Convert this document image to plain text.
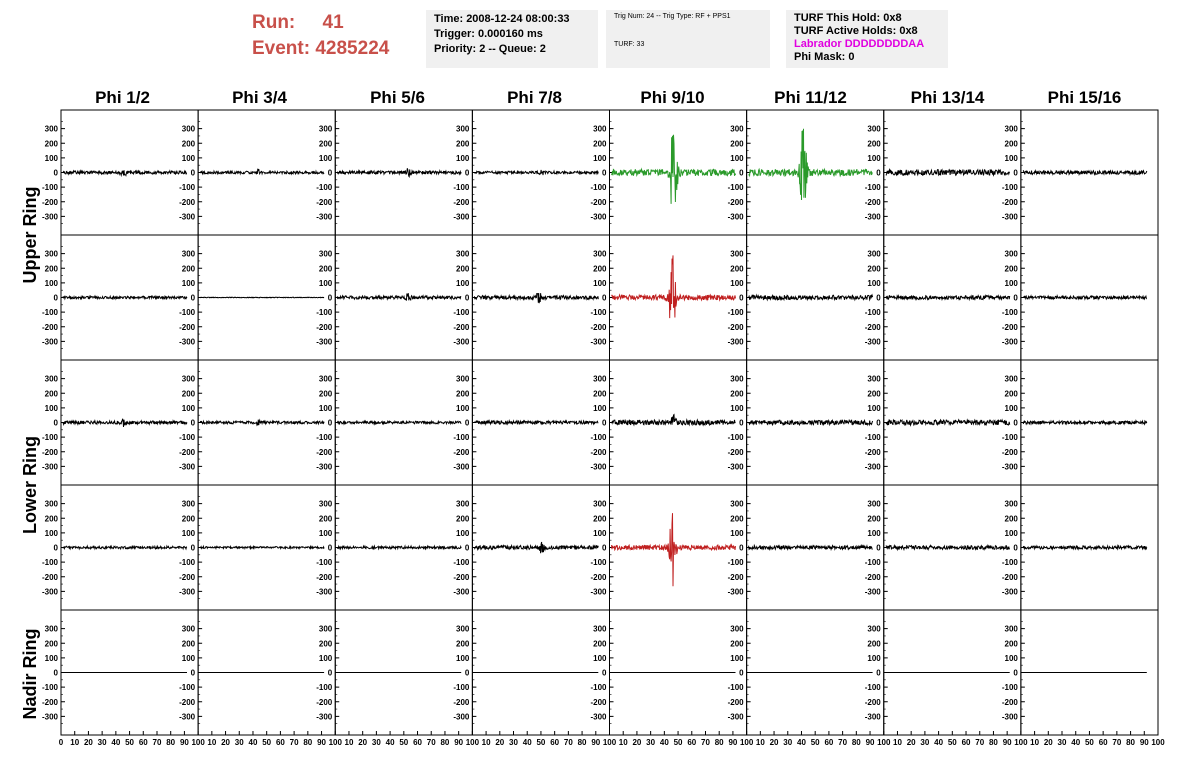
Run: 41
Event: 4285224
Time: 2008-12-24 08:00:33
Trigger: 0.000160 ms
Priority: 2 -- Queue: 2
Trig Num: 24 -- Trig Type: RF + PPS1
TURF: 33
TURF This Hold: 0x8
TURF Active Holds: 0x8
Labrador DDDDDDDDAA
Phi Mask: 0
Phi 1/2	Phi 3/4	Phi 5/6	Phi 7/8	Phi 9/10	Phi 11/12	Phi 13/14	Phi 15/16
Upper Ring
Lower Ring
Nadir Ring
300
200
100
0
-100
-200
-300
300
200
100
0
-100
-200
-300
300
200
100
0
-100
-200
-300
300
200
100
0
-100
-200
-300
300
200
100
0
-100
-200
-300
300
200
100
0
-100
-200
-300
300
200
100
0
-100
-200
-300
300
200
100
0
-100
-200
-300
300
200
100
0
-100
-200
-300
300
200
100
0
-100
-200
-300
300
200
100
0
-100
-200
-300
300
200
100
0
-100
-200
-300
300
200
100
0
-100
-200
-300
300
200
100
0
-100
-200
-300
300
200
100
0
-100
-200
-300
300
200
100
0
-100
-200
-300
300
200
100
0
-100
-200
-300
300
200
100
0
-100
-200
-300
300
200
100
0
-100
-200
-300
300
200
100
0
-100
-200
-300
300
200
100
0
-100
-200
-300
300
200
100
0
-100
-200
-300
300
200
100
0
-100
-200
-300
300
200
100
0
-100
-200
-300
300
200
100
0
-100
-200
-300
300
200
100
0
-100
-200
-300
300
200
100
0
-100
-200
-300
300
200
100
0
-100
-200
-300
300
200
100
0
-100
-200
-300
300
200
100
0
-100
-200
-300
300
200
100
0
-100
-200
-300
300
200
100
0
-100
-200
-300
300
200
100
0
-100
-200
-300
300
200
100
0
-100
-200
-300
300
200
100
0
-100
-200
-300
300
200
100
0
-100
-200
-300
300
200
100
0
-100
-200
-300
300
200
100
0
-100
-200
-300
300
200
100
0
-100
-200
-300
300
200
100
0
-100
-200
-300
0 10 20 30 40 50 60 70 80 90 100 10 20 30 40 50 60 70 80 90 100 10 20 30 40 50 60 70 80 90 100 10 20 30 40 50 60 70 80 90 100 10 20 30 40 50 60 70 80 90 100 10 20 30 40 50 60 70 80 90 100 10 20 30 40 50 60 70 80 90 100 10 20 30 40 50 60 70 80 90 100
